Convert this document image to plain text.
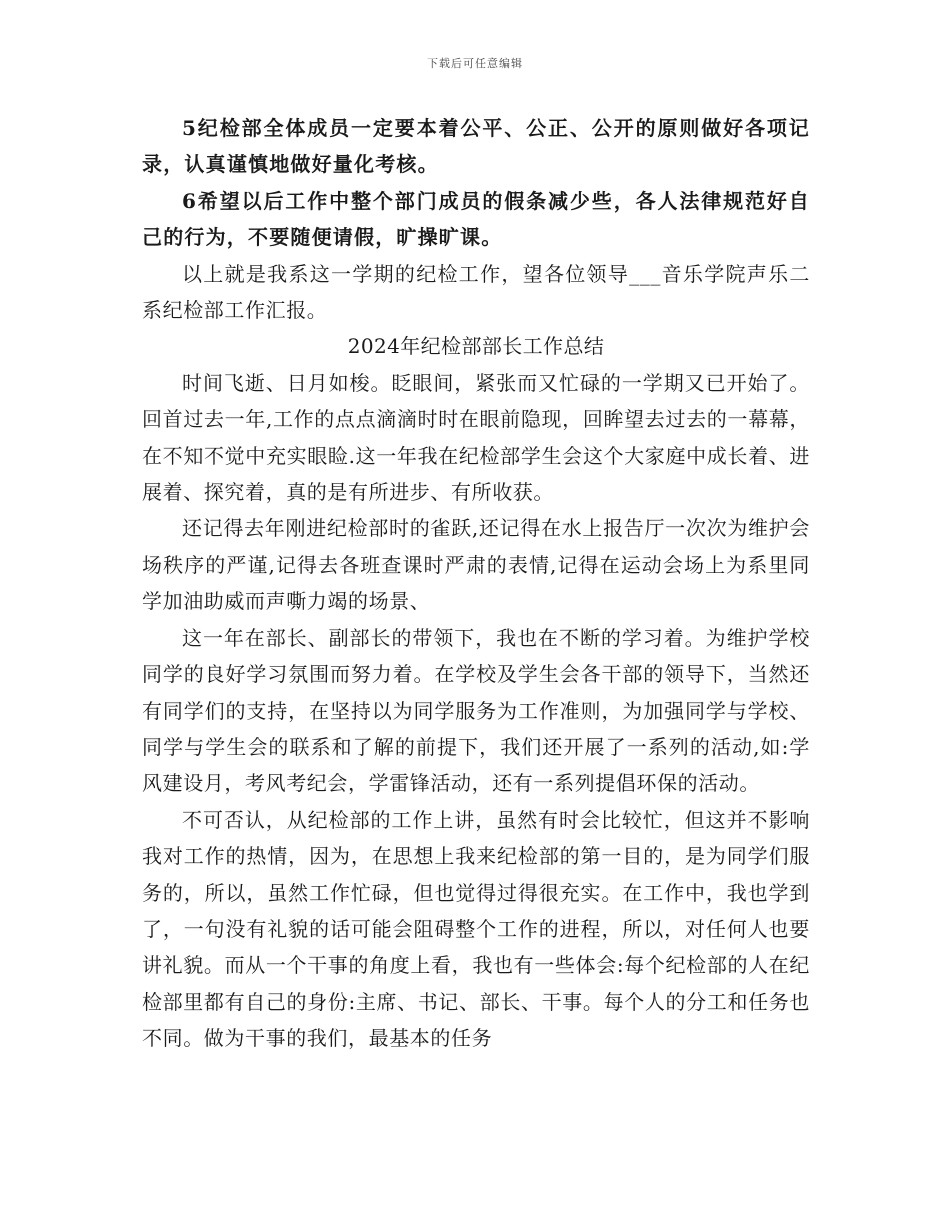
下载后可任意编辑

5纪检部全体成员一定要本着公平、公正、公开的原则做好各项记录，认真谨慎地做好量化考核。

6希望以后工作中整个部门成员的假条减少些，各人法律规范好自己的行为，不要随便请假，旷操旷课。

以上就是我系这一学期的纪检工作，望各位领导___音乐学院声乐二系纪检部工作汇报。

2024年纪检部部长工作总结

时间飞逝、日月如梭。眨眼间，紧张而又忙碌的一学期又已开始了。回首过去一年,工作的点点滴滴时时在眼前隐现，回眸望去过去的一幕幕，在不知不觉中充实眼睑.这一年我在纪检部学生会这个大家庭中成长着、进展着、探究着，真的是有所进步、有所收获。

还记得去年刚进纪检部时的雀跃,还记得在水上报告厅一次次为维护会场秩序的严谨,记得去各班查课时严肃的表情,记得在运动会场上为系里同学加油助威而声嘶力竭的场景、

这一年在部长、副部长的带领下，我也在不断的学习着。为维护学校同学的良好学习氛围而努力着。在学校及学生会各干部的领导下，当然还有同学们的支持，在坚持以为同学服务为工作准则，为加强同学与学校、同学与学生会的联系和了解的前提下，我们还开展了一系列的活动,如:学风建设月，考风考纪会，学雷锋活动，还有一系列提倡环保的活动。

不可否认，从纪检部的工作上讲，虽然有时会比较忙，但这并不影响我对工作的热情，因为，在思想上我来纪检部的第一目的，是为同学们服务的，所以，虽然工作忙碌，但也觉得过得很充实。在工作中，我也学到了，一句没有礼貌的话可能会阻碍整个工作的进程，所以，对任何人也要讲礼貌。而从一个干事的角度上看，我也有一些体会:每个纪检部的人在纪检部里都有自己的身份:主席、书记、部长、干事。每个人的分工和任务也不同。做为干事的我们，最基本的任务
